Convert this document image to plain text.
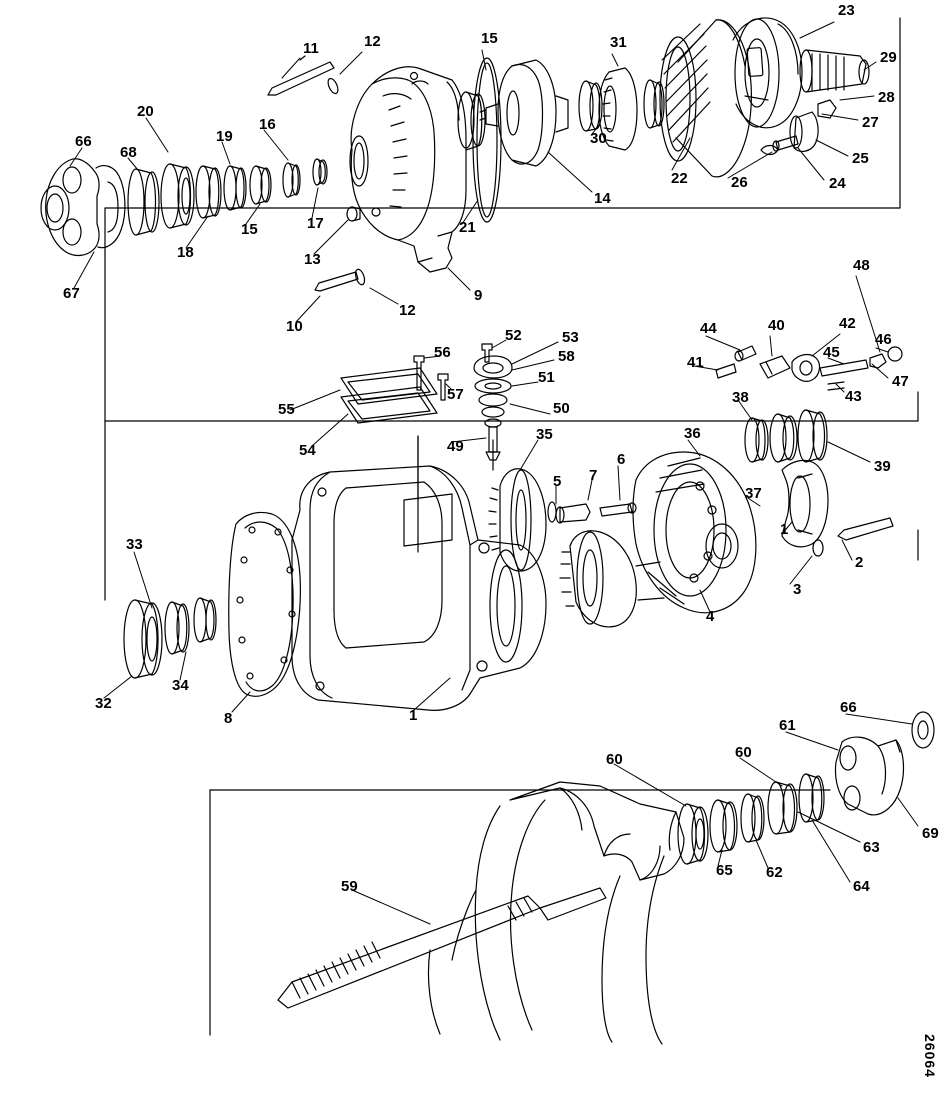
11	12	15	31
23
29
28
27
25
24
26
22
30
14
21
20
19
16
66
68
15
18
17
13
67	9
12
10
48
44	40	42
46
41
45
47
43
38
39
52	53
58
56
57
51
55
54	49
50
35	36
5 7
6
37
1
2
3
4
33
34
32
8	1	66
61
60
60
69
63
65 62
64
59
26064
